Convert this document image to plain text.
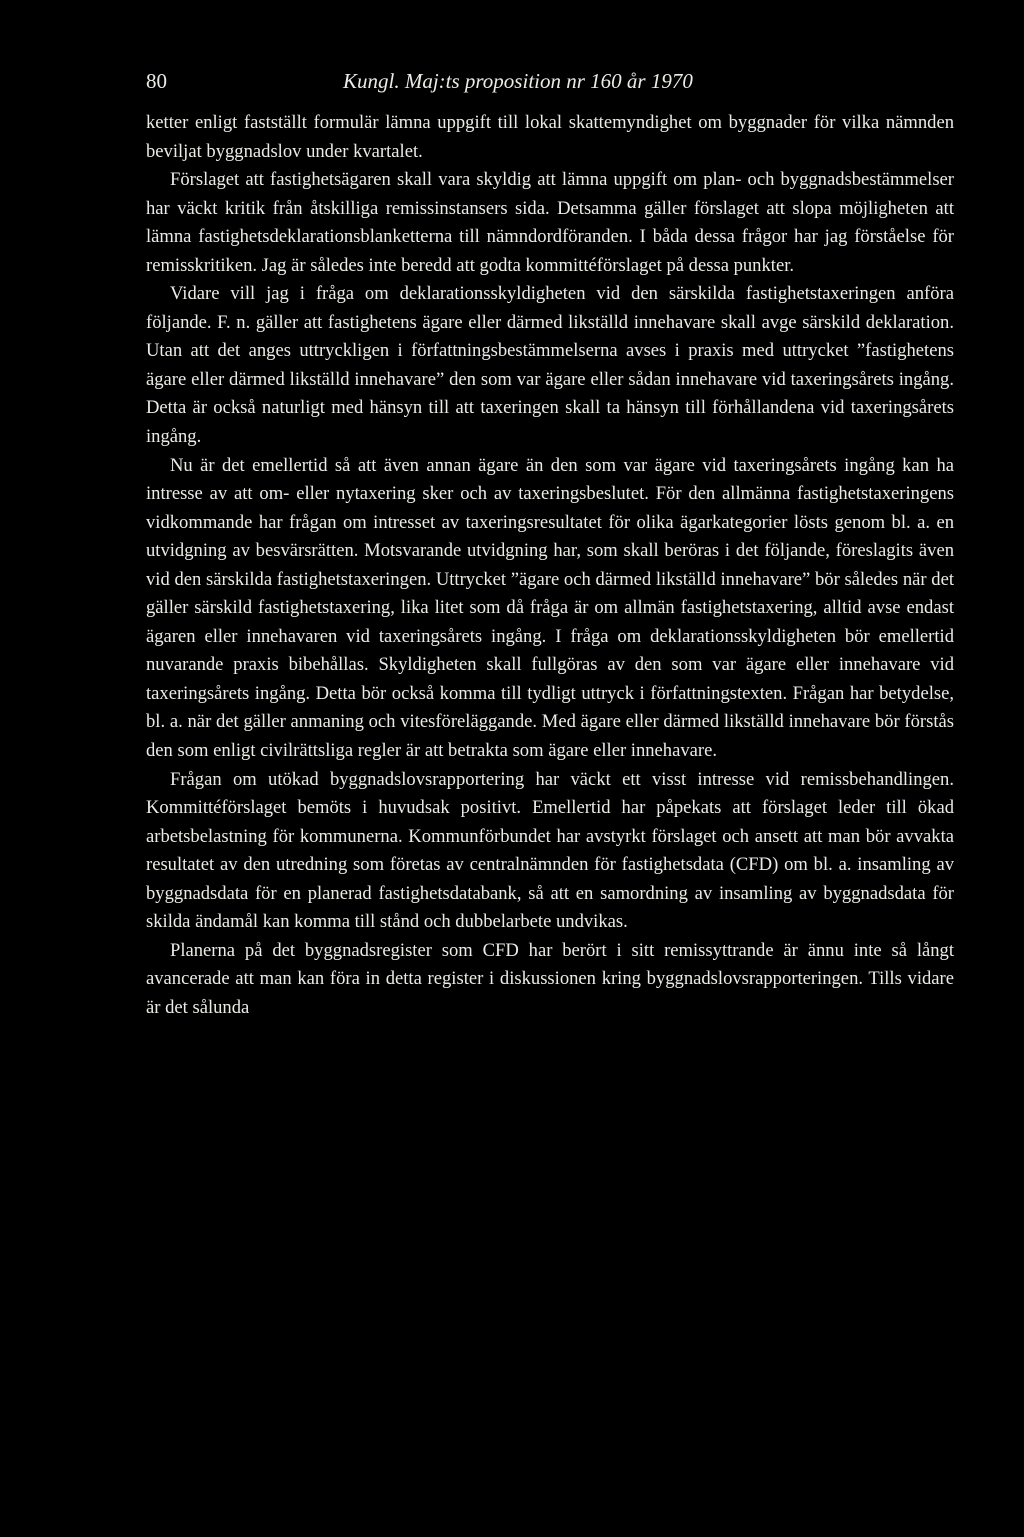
80	Kungl. Maj:ts proposition nr 160 år 1970

ketter enligt fastställt formulär lämna uppgift till lokal skattemyndighet om byggnader för vilka nämnden beviljat byggnadslov under kvartalet.

Förslaget att fastighetsägaren skall vara skyldig att lämna uppgift om plan- och byggnadsbestämmelser har väckt kritik från åtskilliga remissinstansers sida. Detsamma gäller förslaget att slopa möjligheten att lämna fastighetsdeklarationsblanketterna till nämndordföranden. I båda dessa frågor har jag förståelse för remisskritiken. Jag är således inte beredd att godta kommittéförslaget på dessa punkter.

Vidare vill jag i fråga om deklarationsskyldigheten vid den särskilda fastighetstaxeringen anföra följande. F. n. gäller att fastighetens ägare eller därmed likställd innehavare skall avge särskild deklaration. Utan att det anges uttryckligen i författningsbestämmelserna avses i praxis med uttrycket ”fastighetens ägare eller därmed likställd innehavare” den som var ägare eller sådan innehavare vid taxeringsårets ingång. Detta är också naturligt med hänsyn till att taxeringen skall ta hänsyn till förhållandena vid taxeringsårets ingång.

Nu är det emellertid så att även annan ägare än den som var ägare vid taxeringsårets ingång kan ha intresse av att om- eller nytaxering sker och av taxeringsbeslutet. För den allmänna fastighetstaxeringens vidkommande har frågan om intresset av taxeringsresultatet för olika ägarkategorier lösts genom bl. a. en utvidgning av besvärsrätten. Motsvarande utvidgning har, som skall beröras i det följande, föreslagits även vid den särskilda fastighetstaxeringen. Uttrycket ”ägare och därmed likställd innehavare” bör således när det gäller särskild fastighetstaxering, lika litet som då fråga är om allmän fastighetstaxering, alltid avse endast ägaren eller innehavaren vid taxeringsårets ingång. I fråga om deklarationsskyldigheten bör emellertid nuvarande praxis bibehållas. Skyldigheten skall fullgöras av den som var ägare eller innehavare vid taxeringsårets ingång. Detta bör också komma till tydligt uttryck i författningstexten. Frågan har betydelse, bl. a. när det gäller anmaning och vitesföreläggande. Med ägare eller därmed likställd innehavare bör förstås den som enligt civilrättsliga regler är att betrakta som ägare eller innehavare.

Frågan om utökad byggnadslovsrapportering har väckt ett visst intresse vid remissbehandlingen. Kommittéförslaget bemöts i huvudsak positivt. Emellertid har påpekats att förslaget leder till ökad arbetsbelastning för kommunerna. Kommunförbundet har avstyrkt förslaget och ansett att man bör avvakta resultatet av den utredning som företas av centralnämnden för fastighetsdata (CFD) om bl. a. insamling av byggnadsdata för en planerad fastighetsdatabank, så att en samordning av insamling av byggnadsdata för skilda ändamål kan komma till stånd och dubbelarbete undvikas.

Planerna på det byggnadsregister som CFD har berört i sitt remissyttrande är ännu inte så långt avancerade att man kan föra in detta register i diskussionen kring byggnadslovsrapporteringen. Tills vidare är det sålunda
